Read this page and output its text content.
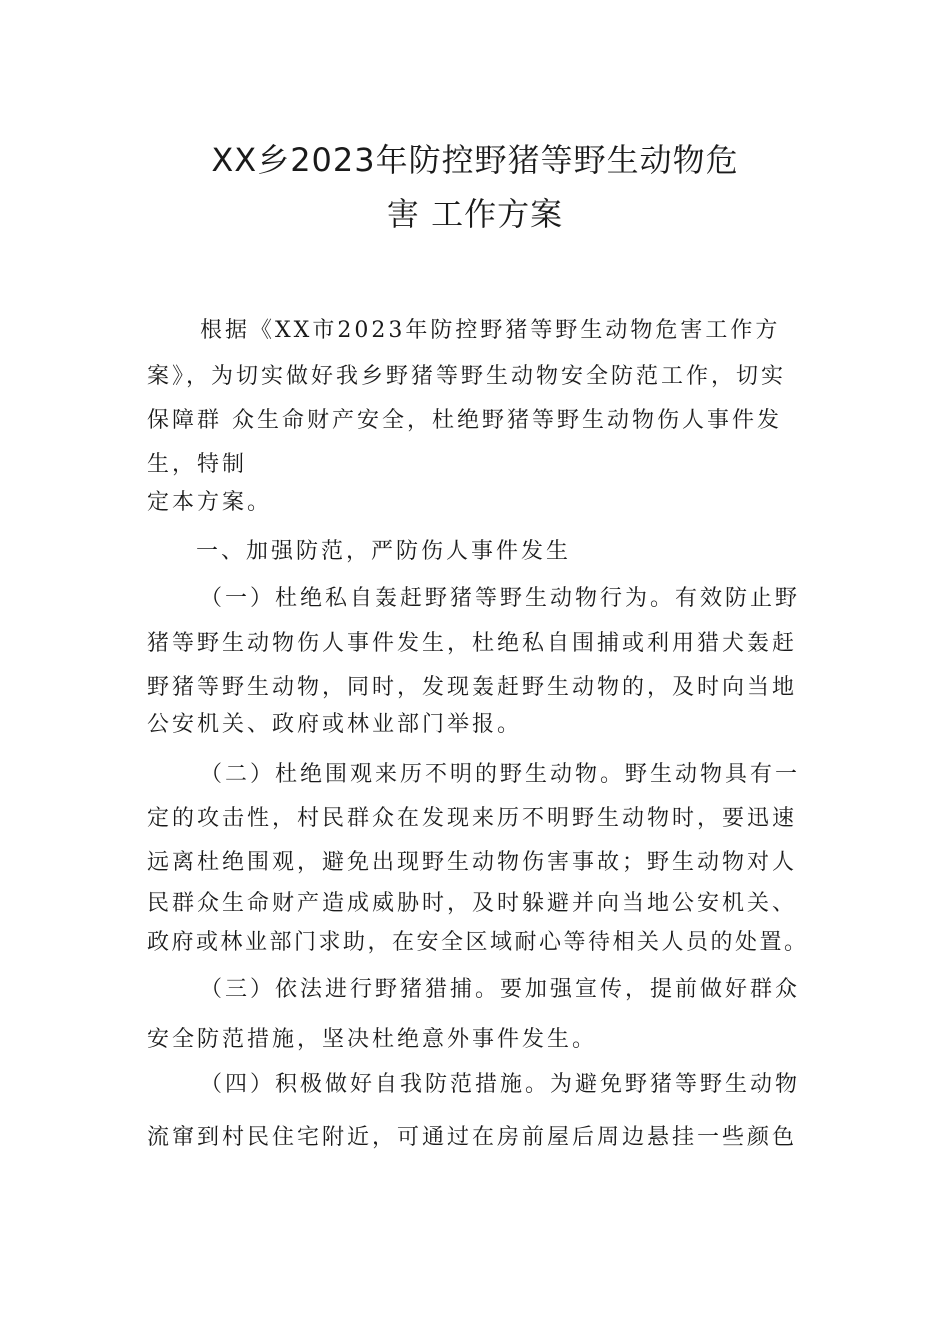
XX乡2023年防控野猪等野生动物危
害 工作方案
根据《XX市2023年防控野猪等野生动物危害工作方
案》，为切实做好我乡野猪等野生动物安全防范工作，切实
保障群 众生命财产安全，杜绝野猪等野生动物伤人事件发
生，特制
定本方案。
一、加强防范，严防伤人事件发生
（一）杜绝私自轰赶野猪等野生动物行为。有效防止野
猪等野生动物伤人事件发生，杜绝私自围捕或利用猎犬轰赶
野猪等野生动物，同时，发现轰赶野生动物的，及时向当地
公安机关、政府或林业部门举报。
（二）杜绝围观来历不明的野生动物。野生动物具有一
定的攻击性，村民群众在发现来历不明野生动物时，要迅速
远离杜绝围观，避免出现野生动物伤害事故；野生动物对人
民群众生命财产造成威胁时，及时躲避并向当地公安机关、
政府或林业部门求助，在安全区域耐心等待相关人员的处置。
（三）依法进行野猪猎捕。要加强宣传，提前做好群众
安全防范措施，坚决杜绝意外事件发生。
（四）积极做好自我防范措施。为避免野猪等野生动物
流窜到村民住宅附近，可通过在房前屋后周边悬挂一些颜色
